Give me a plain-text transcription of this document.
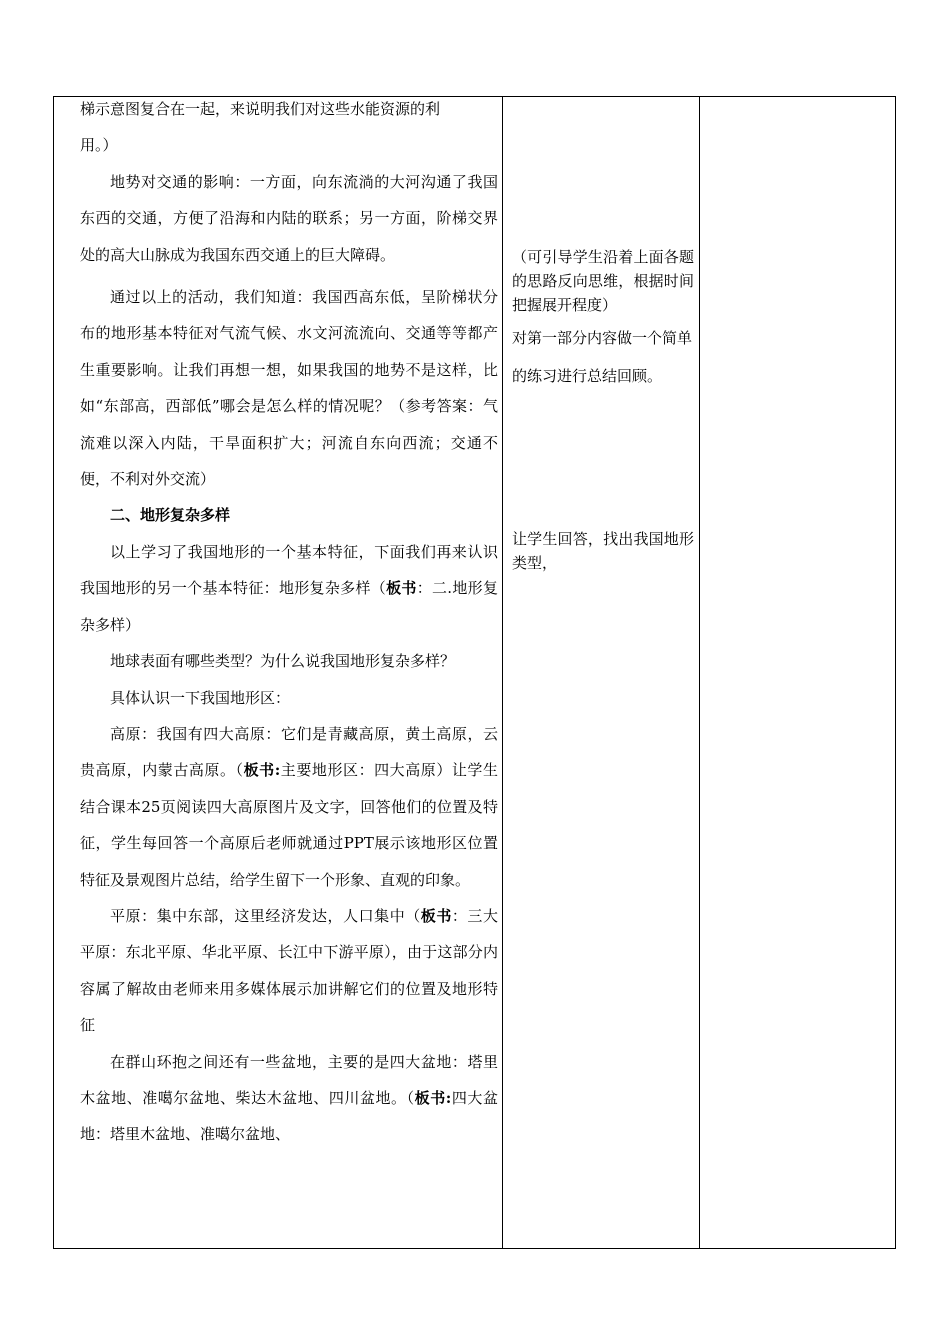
梯示意图复合在一起，来说明我们对这些水能资源的利
用。）

地势对交通的影响：一方面，向东流淌的大河沟通了我国东西的交通，方便了沿海和内陆的联系；另一方面，阶梯交界处的高大山脉成为我国东西交通上的巨大障碍。

通过以上的活动，我们知道：我国西高东低，呈阶梯状分布的地形基本特征对气流气候、水文河流流向、交通等等都产生重要影响。让我们再想一想，如果我国的地势不是这样，比如“东部高，西部低”哪会是怎么样的情况呢？（参考答案：气流难以深入内陆，干旱面积扩大；河流自东向西流；交通不便，不利对外交流）

二、地形复杂多样

以上学习了我国地形的一个基本特征，下面我们再来认识我国地形的另一个基本特征：地形复杂多样（板书：二.地形复杂多样）

地球表面有哪些类型？为什么说我国地形复杂多样？

具体认识一下我国地形区：

高原：我国有四大高原：它们是青藏高原，黄土高原，云贵高原，内蒙古高原。（板书:主要地形区：四大高原）让学生结合课本25页阅读四大高原图片及文字，回答他们的位置及特征，学生每回答一个高原后老师就通过PPT展示该地形区位置特征及景观图片总结，给学生留下一个形象、直观的印象。

平原：集中东部，这里经济发达，人口集中（板书：三大平原：东北平原、华北平原、长江中下游平原），由于这部分内容属了解故由老师来用多媒体展示加讲解它们的位置及地形特征

在群山环抱之间还有一些盆地，主要的是四大盆地：塔里木盆地、准噶尔盆地、柴达木盆地、四川盆地。（板书:四大盆地：塔里木盆地、准噶尔盆地、

（可引导学生沿着上面各题的思路反向思维，根据时间把握展开程度）

对第一部分内容做一个简单的练习进行总结回顾。

让学生回答，找出我国地形类型，
